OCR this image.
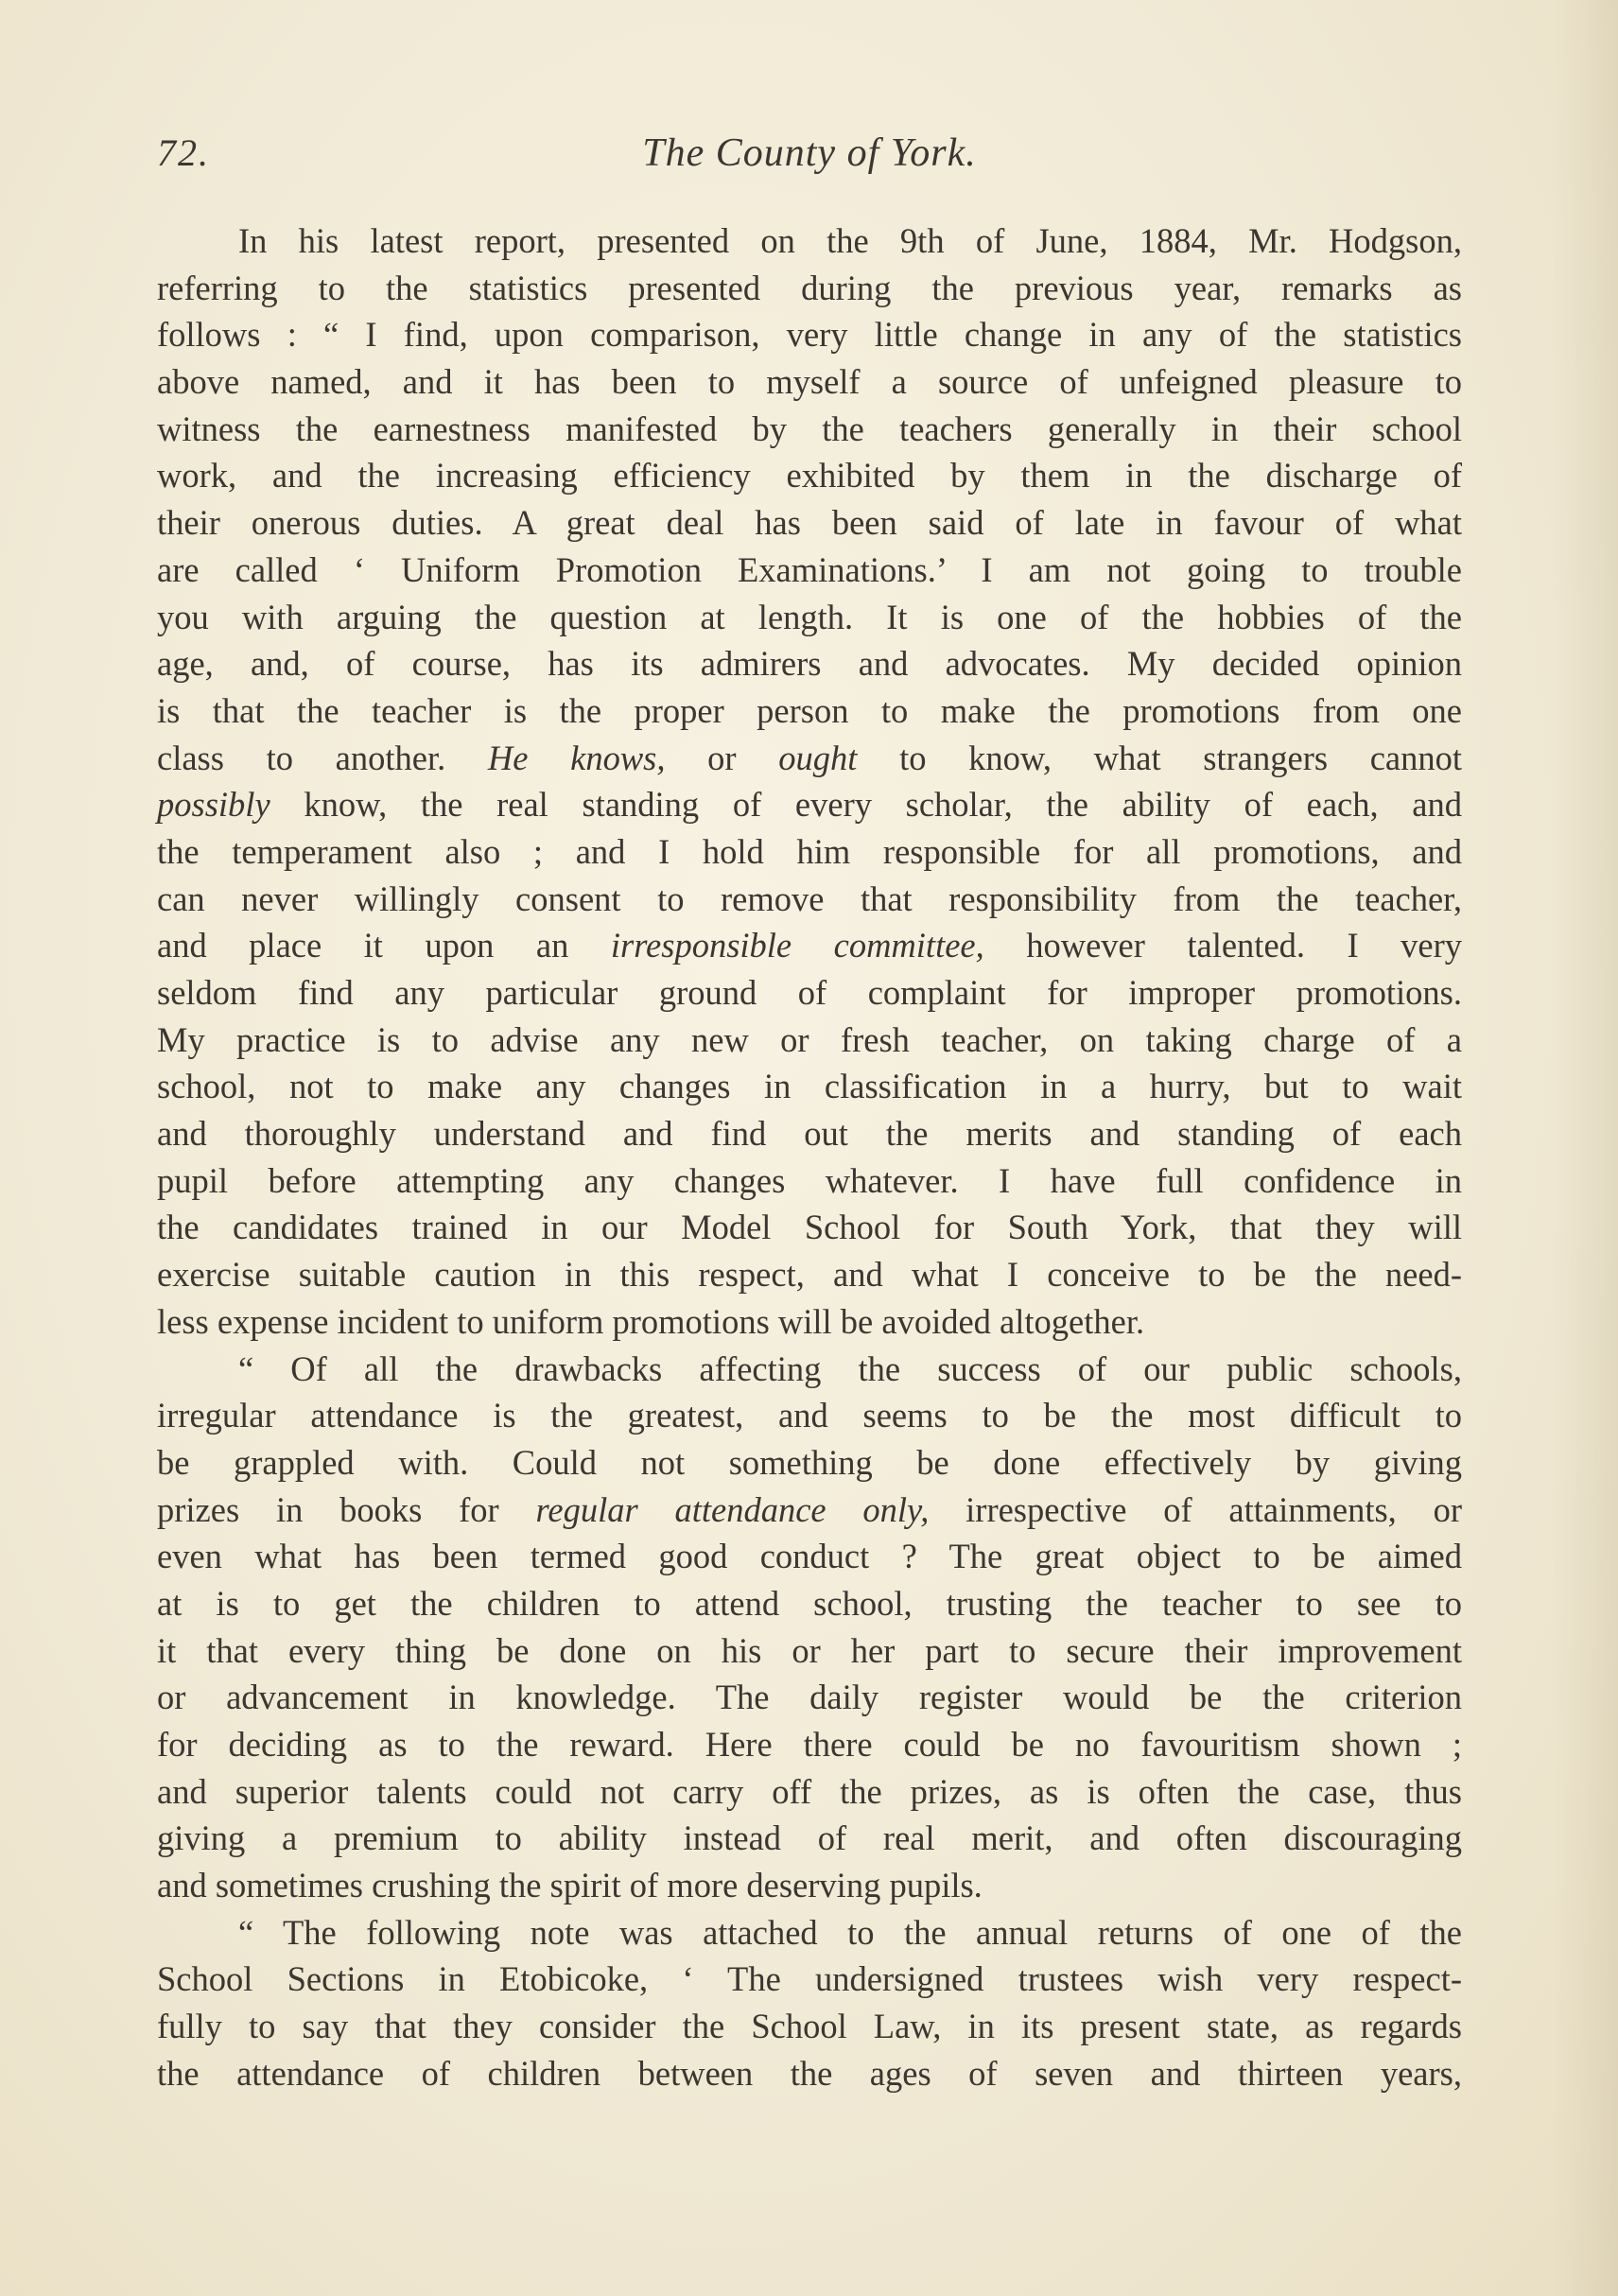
72.	The County of York.
In his latest report, presented on the 9th of June, 1884, Mr. Hodgson,
referring to the statistics presented during the previous year, remarks as
follows : “ I find, upon comparison, very little change in any of the statistics
above named, and it has been to myself a source of unfeigned pleasure to
witness the earnestness manifested by the teachers generally in their school
work, and the increasing efficiency exhibited by them in the discharge of
their onerous duties. A great deal has been said of late in favour of what
are called ‘ Uniform Promotion Examinations.’ I am not going to trouble
you with arguing the question at length. It is one of the hobbies of the
age, and, of course, has its admirers and advocates. My decided opinion
is that the teacher is the proper person to make the promotions from one
class to another. He knows, or ought to know, what strangers cannot
possibly know, the real standing of every scholar, the ability of each, and
the temperament also ; and I hold him responsible for all promotions, and
can never willingly consent to remove that responsibility from the teacher,
and place it upon an irresponsible committee, however talented. I very
seldom find any particular ground of complaint for improper promotions.
My practice is to advise any new or fresh teacher, on taking charge of a
school, not to make any changes in classification in a hurry, but to wait
and thoroughly understand and find out the merits and standing of each
pupil before attempting any changes whatever. I have full confidence in
the candidates trained in our Model School for South York, that they will
exercise suitable caution in this respect, and what I conceive to be the need-
less expense incident to uniform promotions will be avoided altogether.
“ Of all the drawbacks affecting the success of our public schools,
irregular attendance is the greatest, and seems to be the most difficult to
be grappled with. Could not something be done effectively by giving
prizes in books for regular attendance only, irrespective of attainments, or
even what has been termed good conduct ? The great object to be aimed
at is to get the children to attend school, trusting the teacher to see to
it that every thing be done on his or her part to secure their improvement
or advancement in knowledge. The daily register would be the criterion
for deciding as to the reward. Here there could be no favouritism shown ;
and superior talents could not carry off the prizes, as is often the case, thus
giving a premium to ability instead of real merit, and often discouraging
and sometimes crushing the spirit of more deserving pupils.
“ The following note was attached to the annual returns of one of the
School Sections in Etobicoke, ‘ The undersigned trustees wish very respect-
fully to say that they consider the School Law, in its present state, as regards
the attendance of children between the ages of seven and thirteen years,
